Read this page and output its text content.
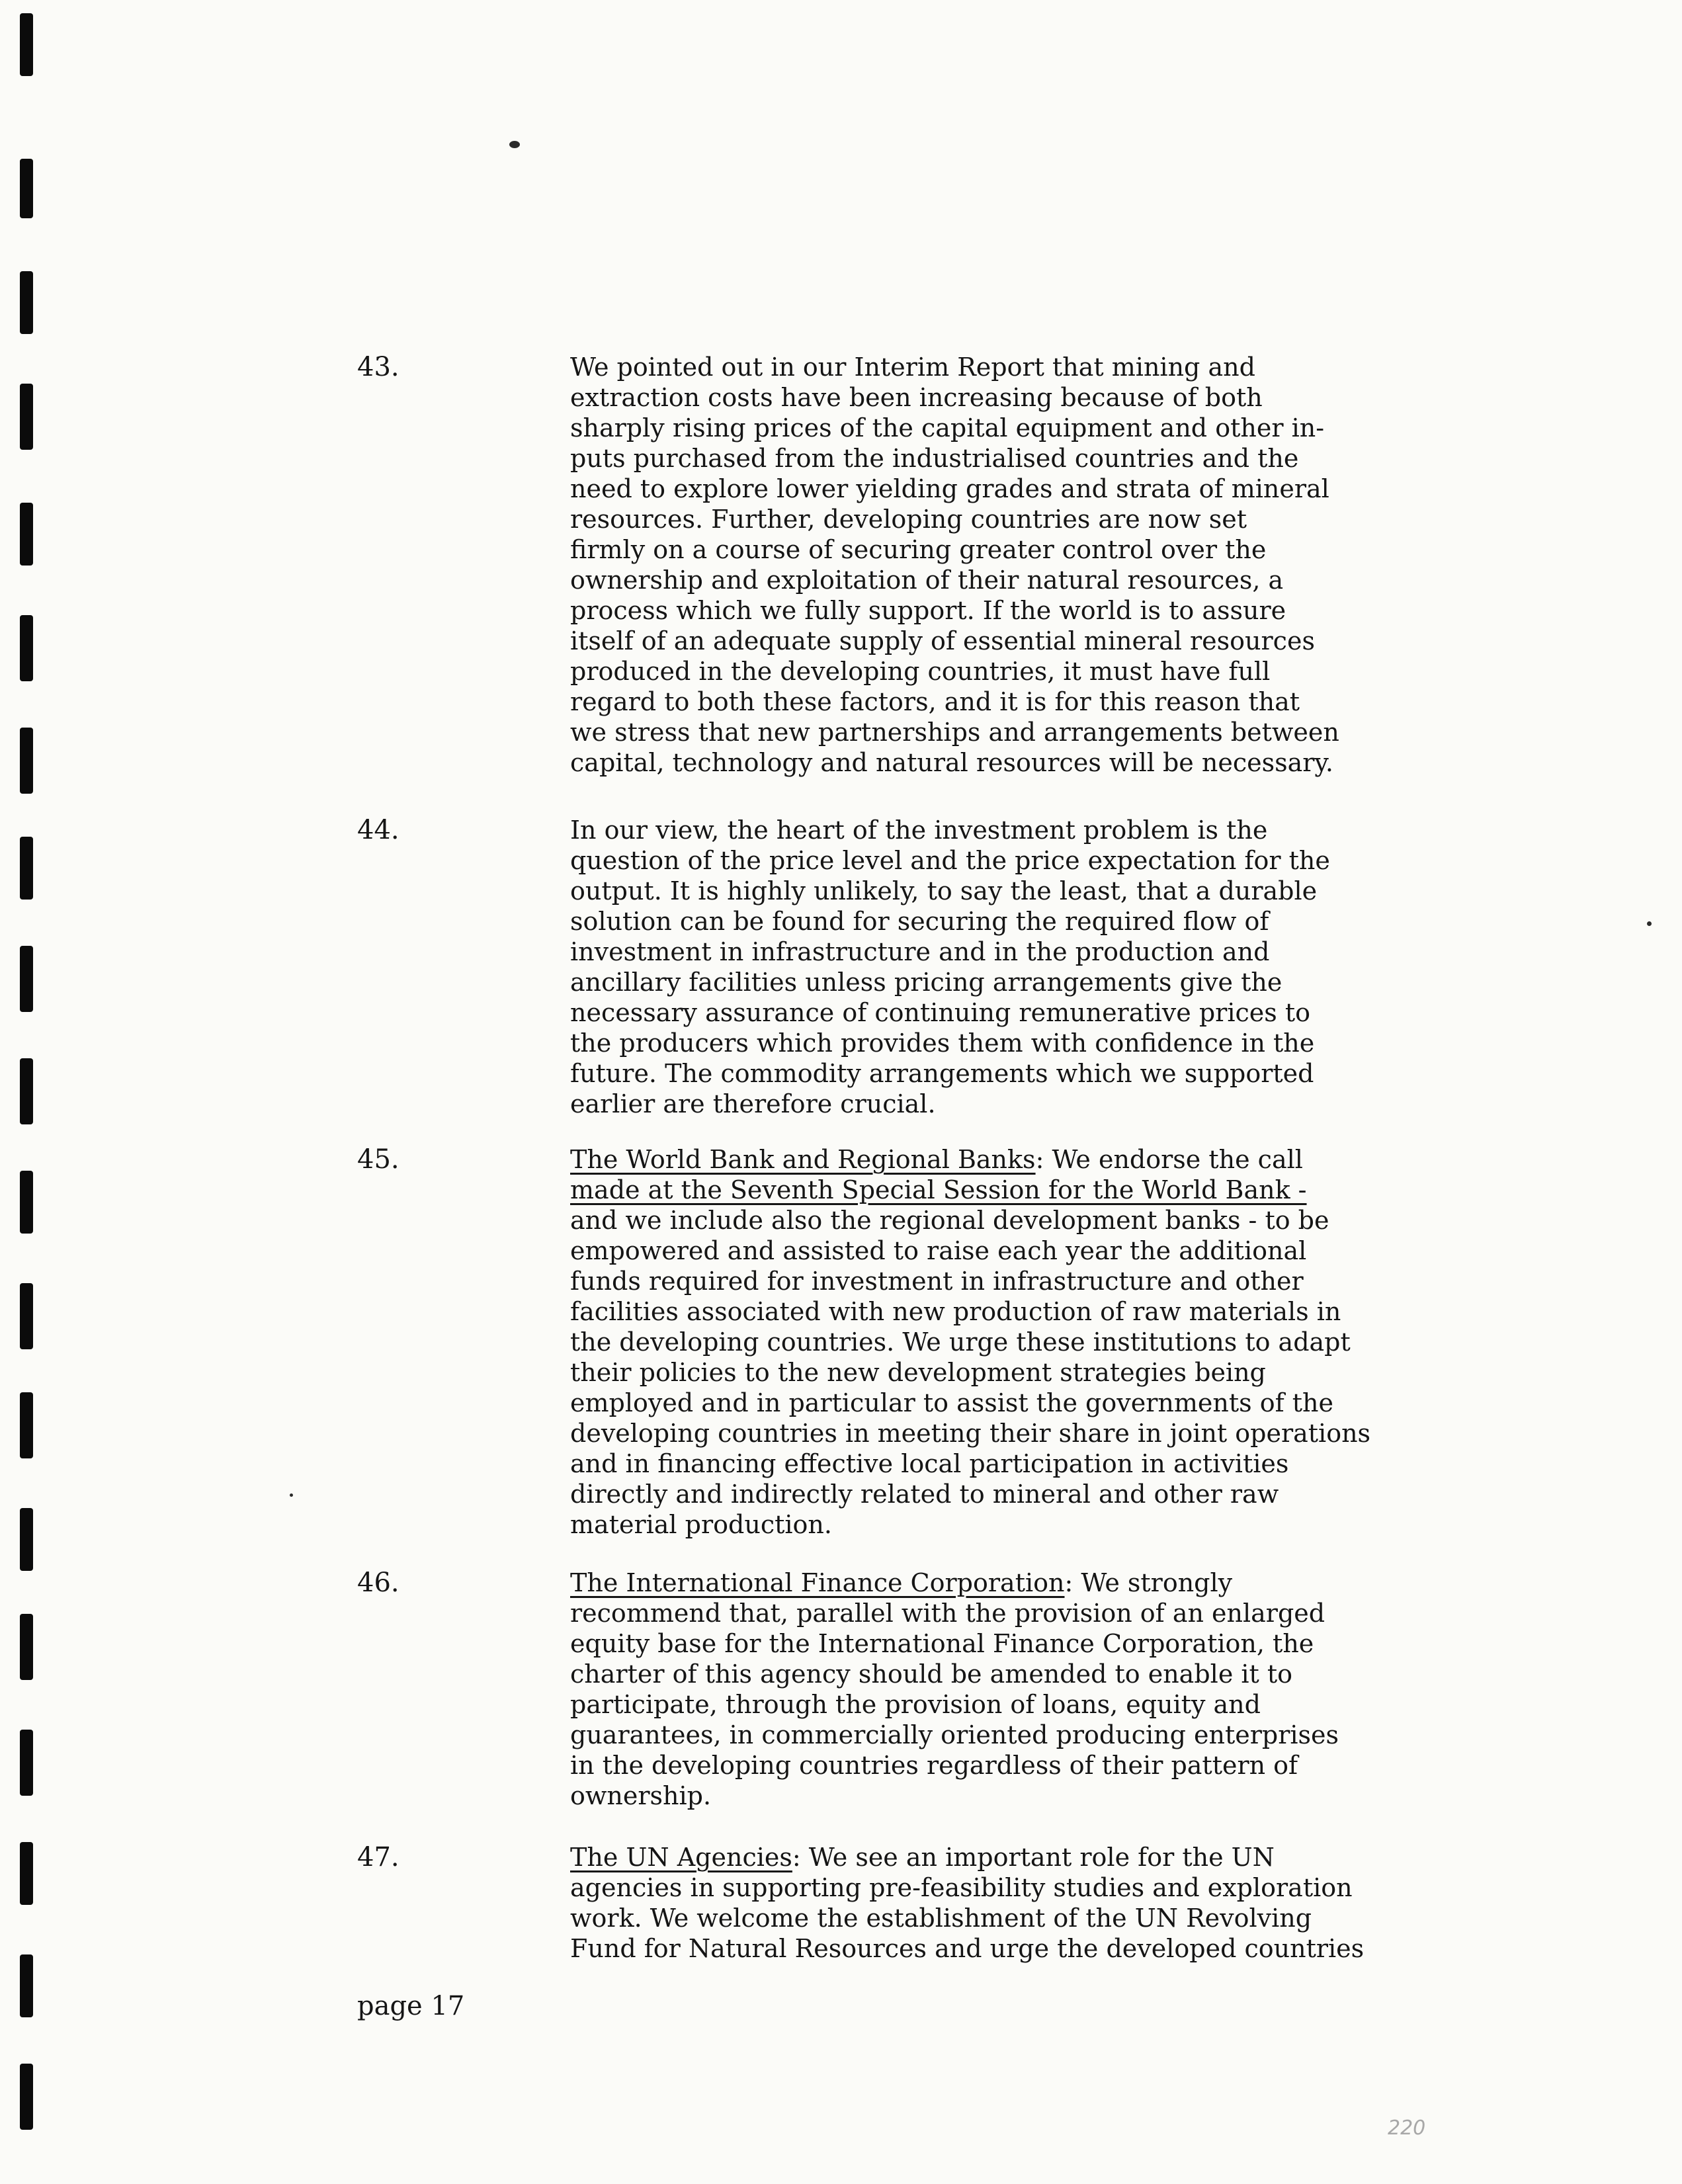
43.	We pointed out in our Interim Report that mining and
extraction costs have been increasing because of both
sharply rising prices of the capital equipment and other in-
puts purchased from the industrialised countries and the
need to explore lower yielding grades and strata of mineral
resources. Further, developing countries are now set
firmly on a course of securing greater control over the
ownership and exploitation of their natural resources, a
process which we fully support. If the world is to assure
itself of an adequate supply of essential mineral resources
produced in the developing countries, it must have full
regard to both these factors, and it is for this reason that
we stress that new partnerships and arrangements between
capital, technology and natural resources will be necessary.
44.	In our view, the heart of the investment problem is the
question of the price level and the price expectation for the
output. It is highly unlikely, to say the least, that a durable
solution can be found for securing the required flow of
investment in infrastructure and in the production and
ancillary facilities unless pricing arrangements give the
necessary assurance of continuing remunerative prices to
the producers which provides them with confidence in the
future. The commodity arrangements which we supported
earlier are therefore crucial.
45.	The World Bank and Regional Banks: We endorse the call
made at the Seventh Special Session for the World Bank -
and we include also the regional development banks - to be
empowered and assisted to raise each year the additional
funds required for investment in infrastructure and other
facilities associated with new production of raw materials in
the developing countries. We urge these institutions to adapt
their policies to the new development strategies being
employed and in particular to assist the governments of the
developing countries in meeting their share in joint operations
and in financing effective local participation in activities
directly and indirectly related to mineral and other raw
material production.
46.	The International Finance Corporation: We strongly
recommend that, parallel with the provision of an enlarged
equity base for the International Finance Corporation, the
charter of this agency should be amended to enable it to
participate, through the provision of loans, equity and
guarantees, in commercially oriented producing enterprises
in the developing countries regardless of their pattern of
ownership.
47.	The UN Agencies: We see an important role for the UN
agencies in supporting pre-feasibility studies and exploration
work. We welcome the establishment of the UN Revolving
Fund for Natural Resources and urge the developed countries
page 17
220
